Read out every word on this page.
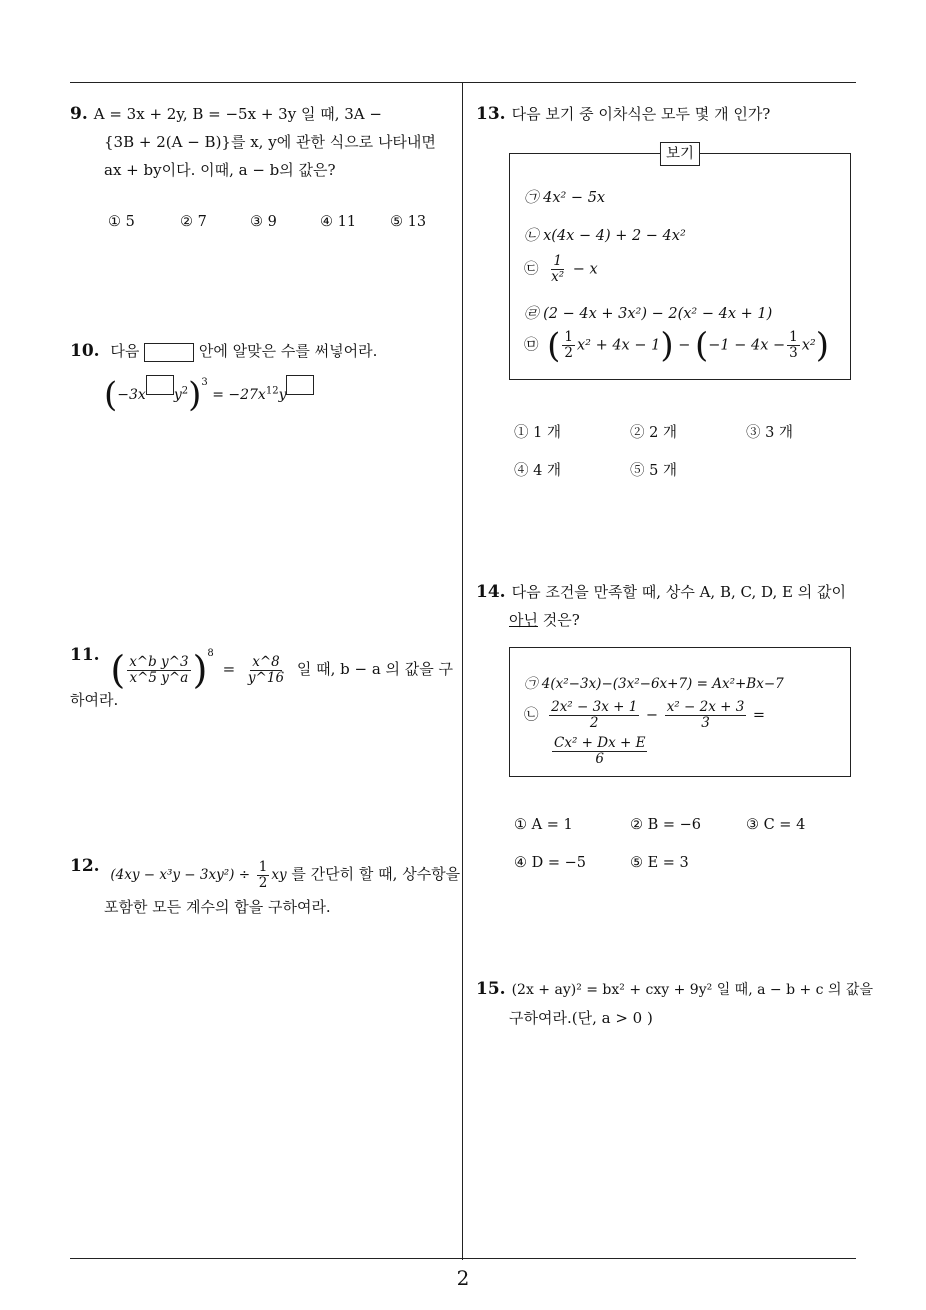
2
9. A = 3x + 2y, B = −5x + 3y 일 때, 3A −
{3B + 2(A − B)}를 x, y에 관한 식으로 나타내면
ax + by이다. 이때, a − b의 값은?
① 5	② 7	③ 9	④ 11 ⑤ 13
10. 다음	안에 알맞은 수를 써넣어라.
(−3x $y^2)^3 = -27x^{12}y$
11. ( $\frac{\text{x\textasciicircum{}b y\textasciicircum{}3}}{x\^{}5 y\^{}a} )^8 = \frac{x\^{}8}{y\^{}16}$ 일 때, b − a 의 값을 구하여라.
12. $(4xy - x^3y - 3xy^2) \div \frac{1}{2}$ xy 를 간단히 할 때, 상수항을
포함한 모든 계수의 합을 구하여라.
13. 다음 보기 중 이차식은 모두 몇 개 인가?
보기
㉠ 4x² − 5x
㉡ x(4x − 4) + 2 − 4x²
㉢ $\frac{1}{\text{x²}} - x$
㉣ (2 − 4x + 3x²) − 2(x² − 4x + 1)
㉤ ( $\frac{1}{2} x^2 + 4x - 1) - (-1 - 4x - \frac{1}{3} x^2)$
① 1 개	② 2 개	③ 3 개
④ 4 개	⑤ 5 개
14. 다음 조건을 만족할 때, 상수 A, B, C, D, E 의 값이
아닌 것은?
㉠ 4(x²−3x)−(3x²−6x+7) = Ax²+Bx−7
㉡ $\frac{\text{2x² − 3x + 1}}{2} - \frac{\text{x² − 2x + 3}}{3}$ =
$\frac{\text{Cx² + Dx + E}}{6}$
① A = 1	② B = −6	③ C = 4
④ D = −5	⑤ E = 3
15. (2x + ay)² = bx² + cxy + 9y² 일 때, a − b + c 의 값을
구하여라.(단, a > 0 )
